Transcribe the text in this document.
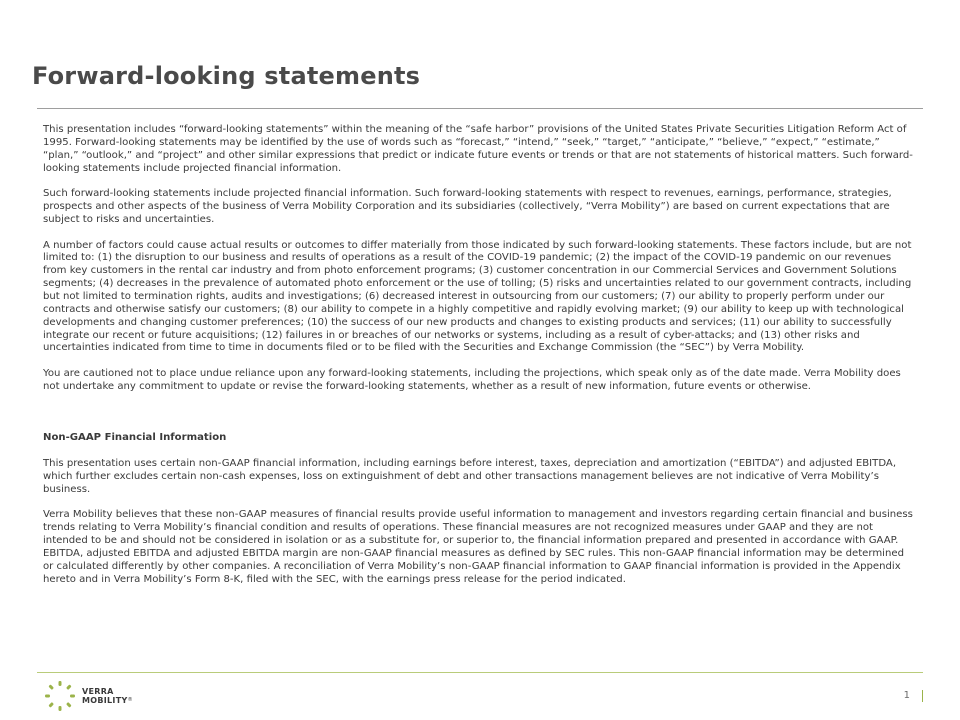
Forward-looking statements

This presentation includes “forward-looking statements” within the meaning of the “safe harbor” provisions of the United States Private Securities Litigation Reform Act of 1995. Forward-looking statements may be identified by the use of words such as “forecast,” “intend,” “seek,” “target,” “anticipate,” “believe,” “expect,” “estimate,” “plan,” “outlook,” and “project” and other similar expressions that predict or indicate future events or trends or that are not statements of historical matters. Such forward-looking statements include projected financial information.

Such forward-looking statements include projected financial information. Such forward-looking statements with respect to revenues, earnings, performance, strategies, prospects and other aspects of the business of Verra Mobility Corporation and its subsidiaries (collectively, “Verra Mobility”) are based on current expectations that are subject to risks and uncertainties.

A number of factors could cause actual results or outcomes to differ materially from those indicated by such forward-looking statements. These factors include, but are not limited to: (1) the disruption to our business and results of operations as a result of the COVID-19 pandemic; (2) the impact of the COVID-19 pandemic on our revenues from key customers in the rental car industry and from photo enforcement programs; (3) customer concentration in our Commercial Services and Government Solutions segments; (4) decreases in the prevalence of automated photo enforcement or the use of tolling; (5) risks and uncertainties related to our government contracts, including but not limited to termination rights, audits and investigations; (6) decreased interest in outsourcing from our customers; (7) our ability to properly perform under our contracts and otherwise satisfy our customers; (8) our ability to compete in a highly competitive and rapidly evolving market; (9) our ability to keep up with technological developments and changing customer preferences; (10) the success of our new products and changes to existing products and services; (11) our ability to successfully integrate our recent or future acquisitions; (12) failures in or breaches of our networks or systems, including as a result of cyber-attacks; and (13) other risks and uncertainties indicated from time to time in documents filed or to be filed with the Securities and Exchange Commission (the “SEC”) by Verra Mobility.

You are cautioned not to place undue reliance upon any forward-looking statements, including the projections, which speak only as of the date made. Verra Mobility does not undertake any commitment to update or revise the forward-looking statements, whether as a result of new information, future events or otherwise.

Non-GAAP Financial Information

This presentation uses certain non-GAAP financial information, including earnings before interest, taxes, depreciation and amortization (“EBITDA”) and adjusted EBITDA, which further excludes certain non-cash expenses, loss on extinguishment of debt and other transactions management believes are not indicative of Verra Mobility’s business.

Verra Mobility believes that these non-GAAP measures of financial results provide useful information to management and investors regarding certain financial and business trends relating to Verra Mobility’s financial condition and results of operations. These financial measures are not recognized measures under GAAP and they are not intended to be and should not be considered in isolation or as a substitute for, or superior to, the financial information prepared and presented in accordance with GAAP. EBITDA, adjusted EBITDA and adjusted EBITDA margin are non-GAAP financial measures as defined by SEC rules. This non-GAAP financial information may be determined or calculated differently by other companies. A reconciliation of Verra Mobility’s non-GAAP financial information to GAAP financial information is provided in the Appendix hereto and in Verra Mobility’s Form 8-K, filed with the SEC, with the earnings press release for the period indicated.

VERRA
MOBILITY®	1
